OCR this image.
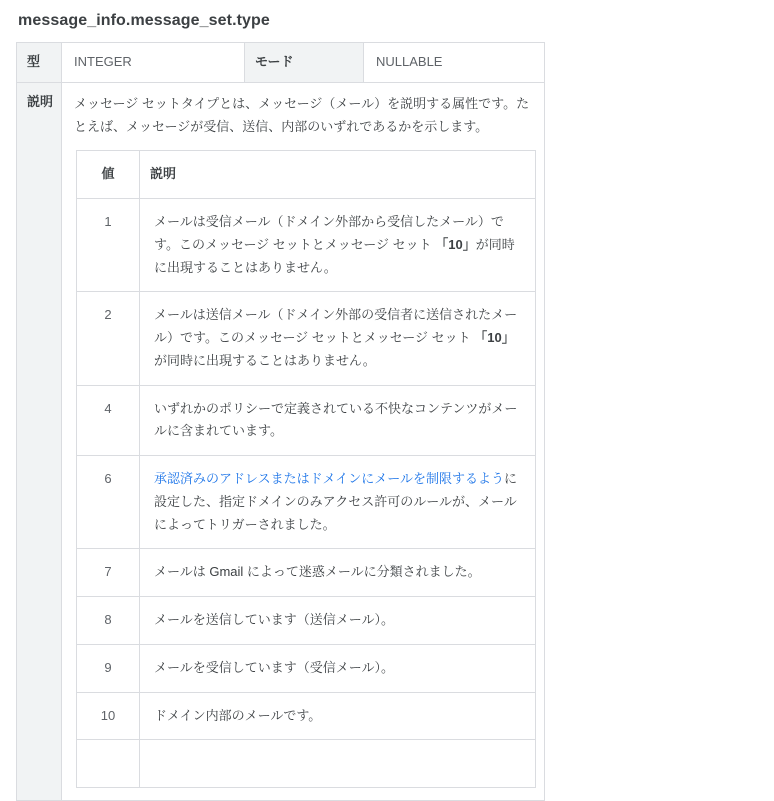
message_info.message_set.type
型	INTEGER	モード	NULLABLE
説明	メッセージ セットタイプとは、メッセージ（メール）を説明する属性です。たとえば、メッセージが受信、送信、内部のいずれであるかを示します。

値	説明
1	メールは受信メール（ドメイン外部から受信したメール）です。このメッセージ セットとメッセージ セット 「10」が同時に出現することはありません。
2	メールは送信メール（ドメイン外部の受信者に送信されたメール）です。このメッセージ セットとメッセージ セット 「10」が同時に出現することはありません。
4	いずれかのポリシーで定義されている不快なコンテンツがメールに含まれています。
6	承認済みのアドレスまたはドメインにメールを制限するように設定した、指定ドメインのみアクセス許可のルールが、メールによってトリガーされました。
7	メールは Gmail によって迷惑メールに分類されました。
8	メールを送信しています（送信メール）。
9	メールを受信しています（受信メール）。
10	ドメイン内部のメールです。
